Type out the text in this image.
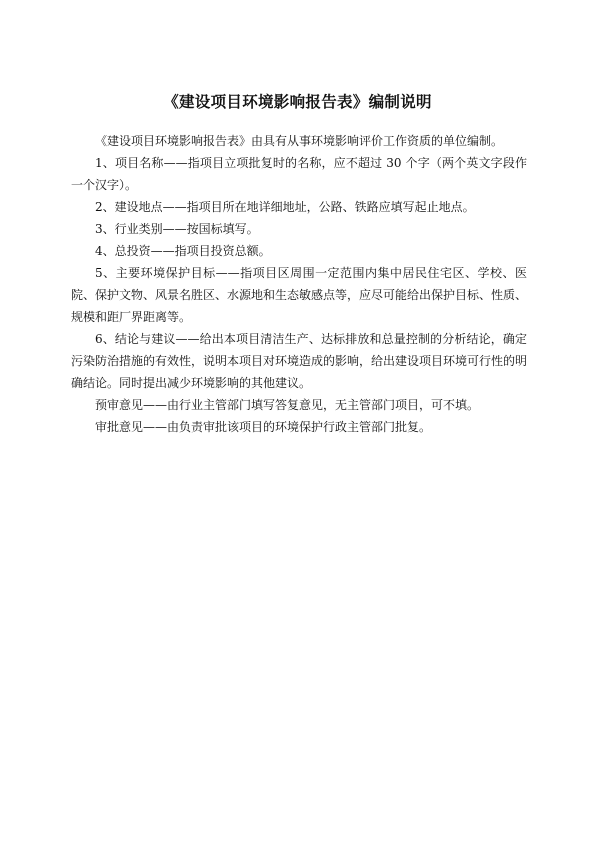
《建设项目环境影响报告表》编制说明

《建设项目环境影响报告表》由具有从事环境影响评价工作资质的单位编制。

1、项目名称——指项目立项批复时的名称，应不超过 30 个字（两个英文字段作一个汉字）。

2、建设地点——指项目所在地详细地址，公路、铁路应填写起止地点。

3、行业类别——按国标填写。

4、总投资——指项目投资总额。

5、主要环境保护目标——指项目区周围一定范围内集中居民住宅区、学校、医院、保护文物、风景名胜区、水源地和生态敏感点等，应尽可能给出保护目标、性质、规模和距厂界距离等。

6、结论与建议——给出本项目清洁生产、达标排放和总量控制的分析结论，确定污染防治措施的有效性，说明本项目对环境造成的影响，给出建设项目环境可行性的明确结论。同时提出减少环境影响的其他建议。

预审意见——由行业主管部门填写答复意见，无主管部门项目，可不填。

审批意见——由负责审批该项目的环境保护行政主管部门批复。
